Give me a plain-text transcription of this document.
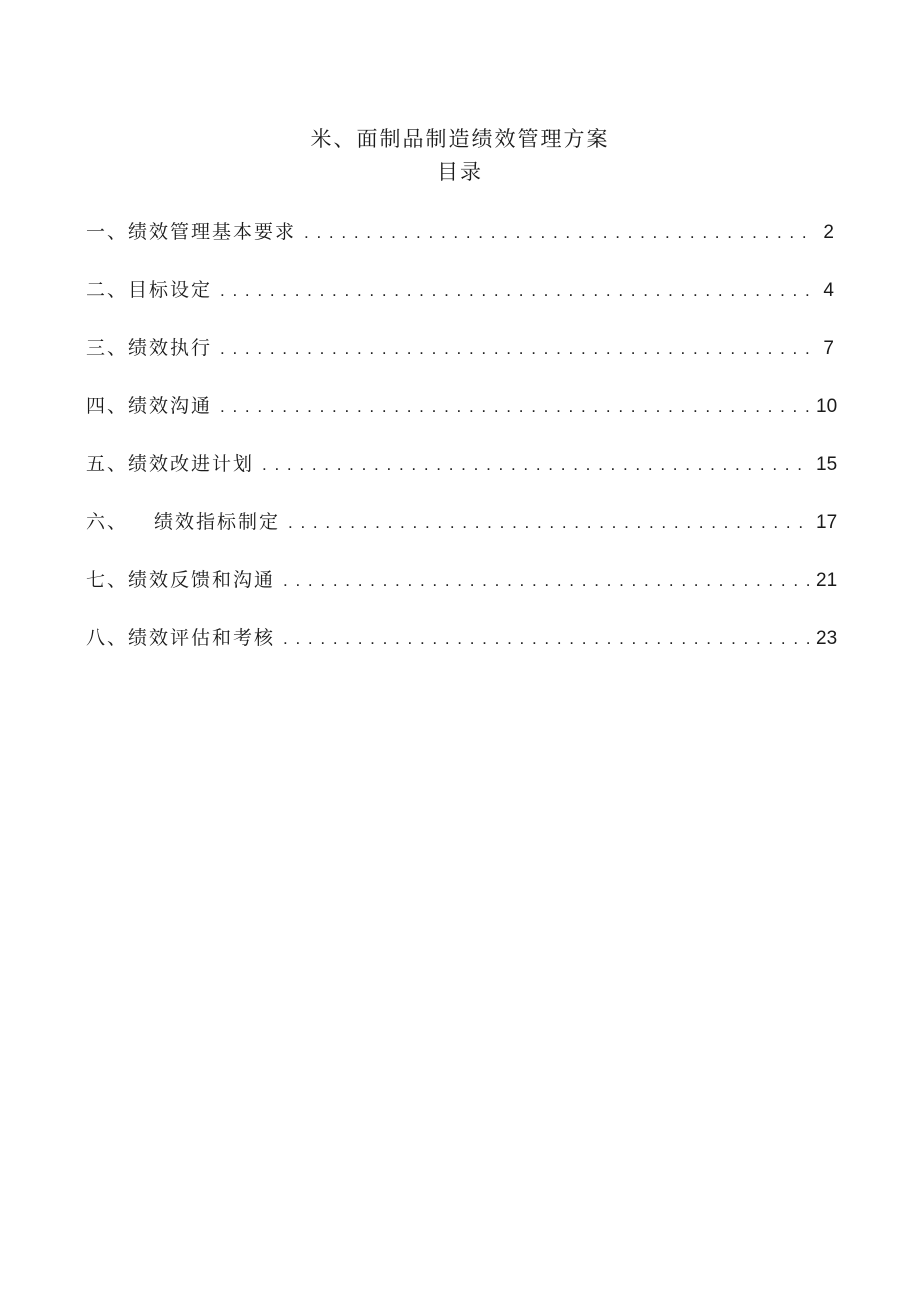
米、面制品制造绩效管理方案
目录
一、 绩效管理基本要求 . . .	2
二、 目标设定 . . .	4
三、 绩效执行 . . .	7
四、 绩效沟通 . . .	10
五、 绩效改进计划 . . .	15
六、 绩效指标制定 . . .	17
七、 绩效反馈和沟通 . . .	21
八、 绩效评估和考核 . . .	23
